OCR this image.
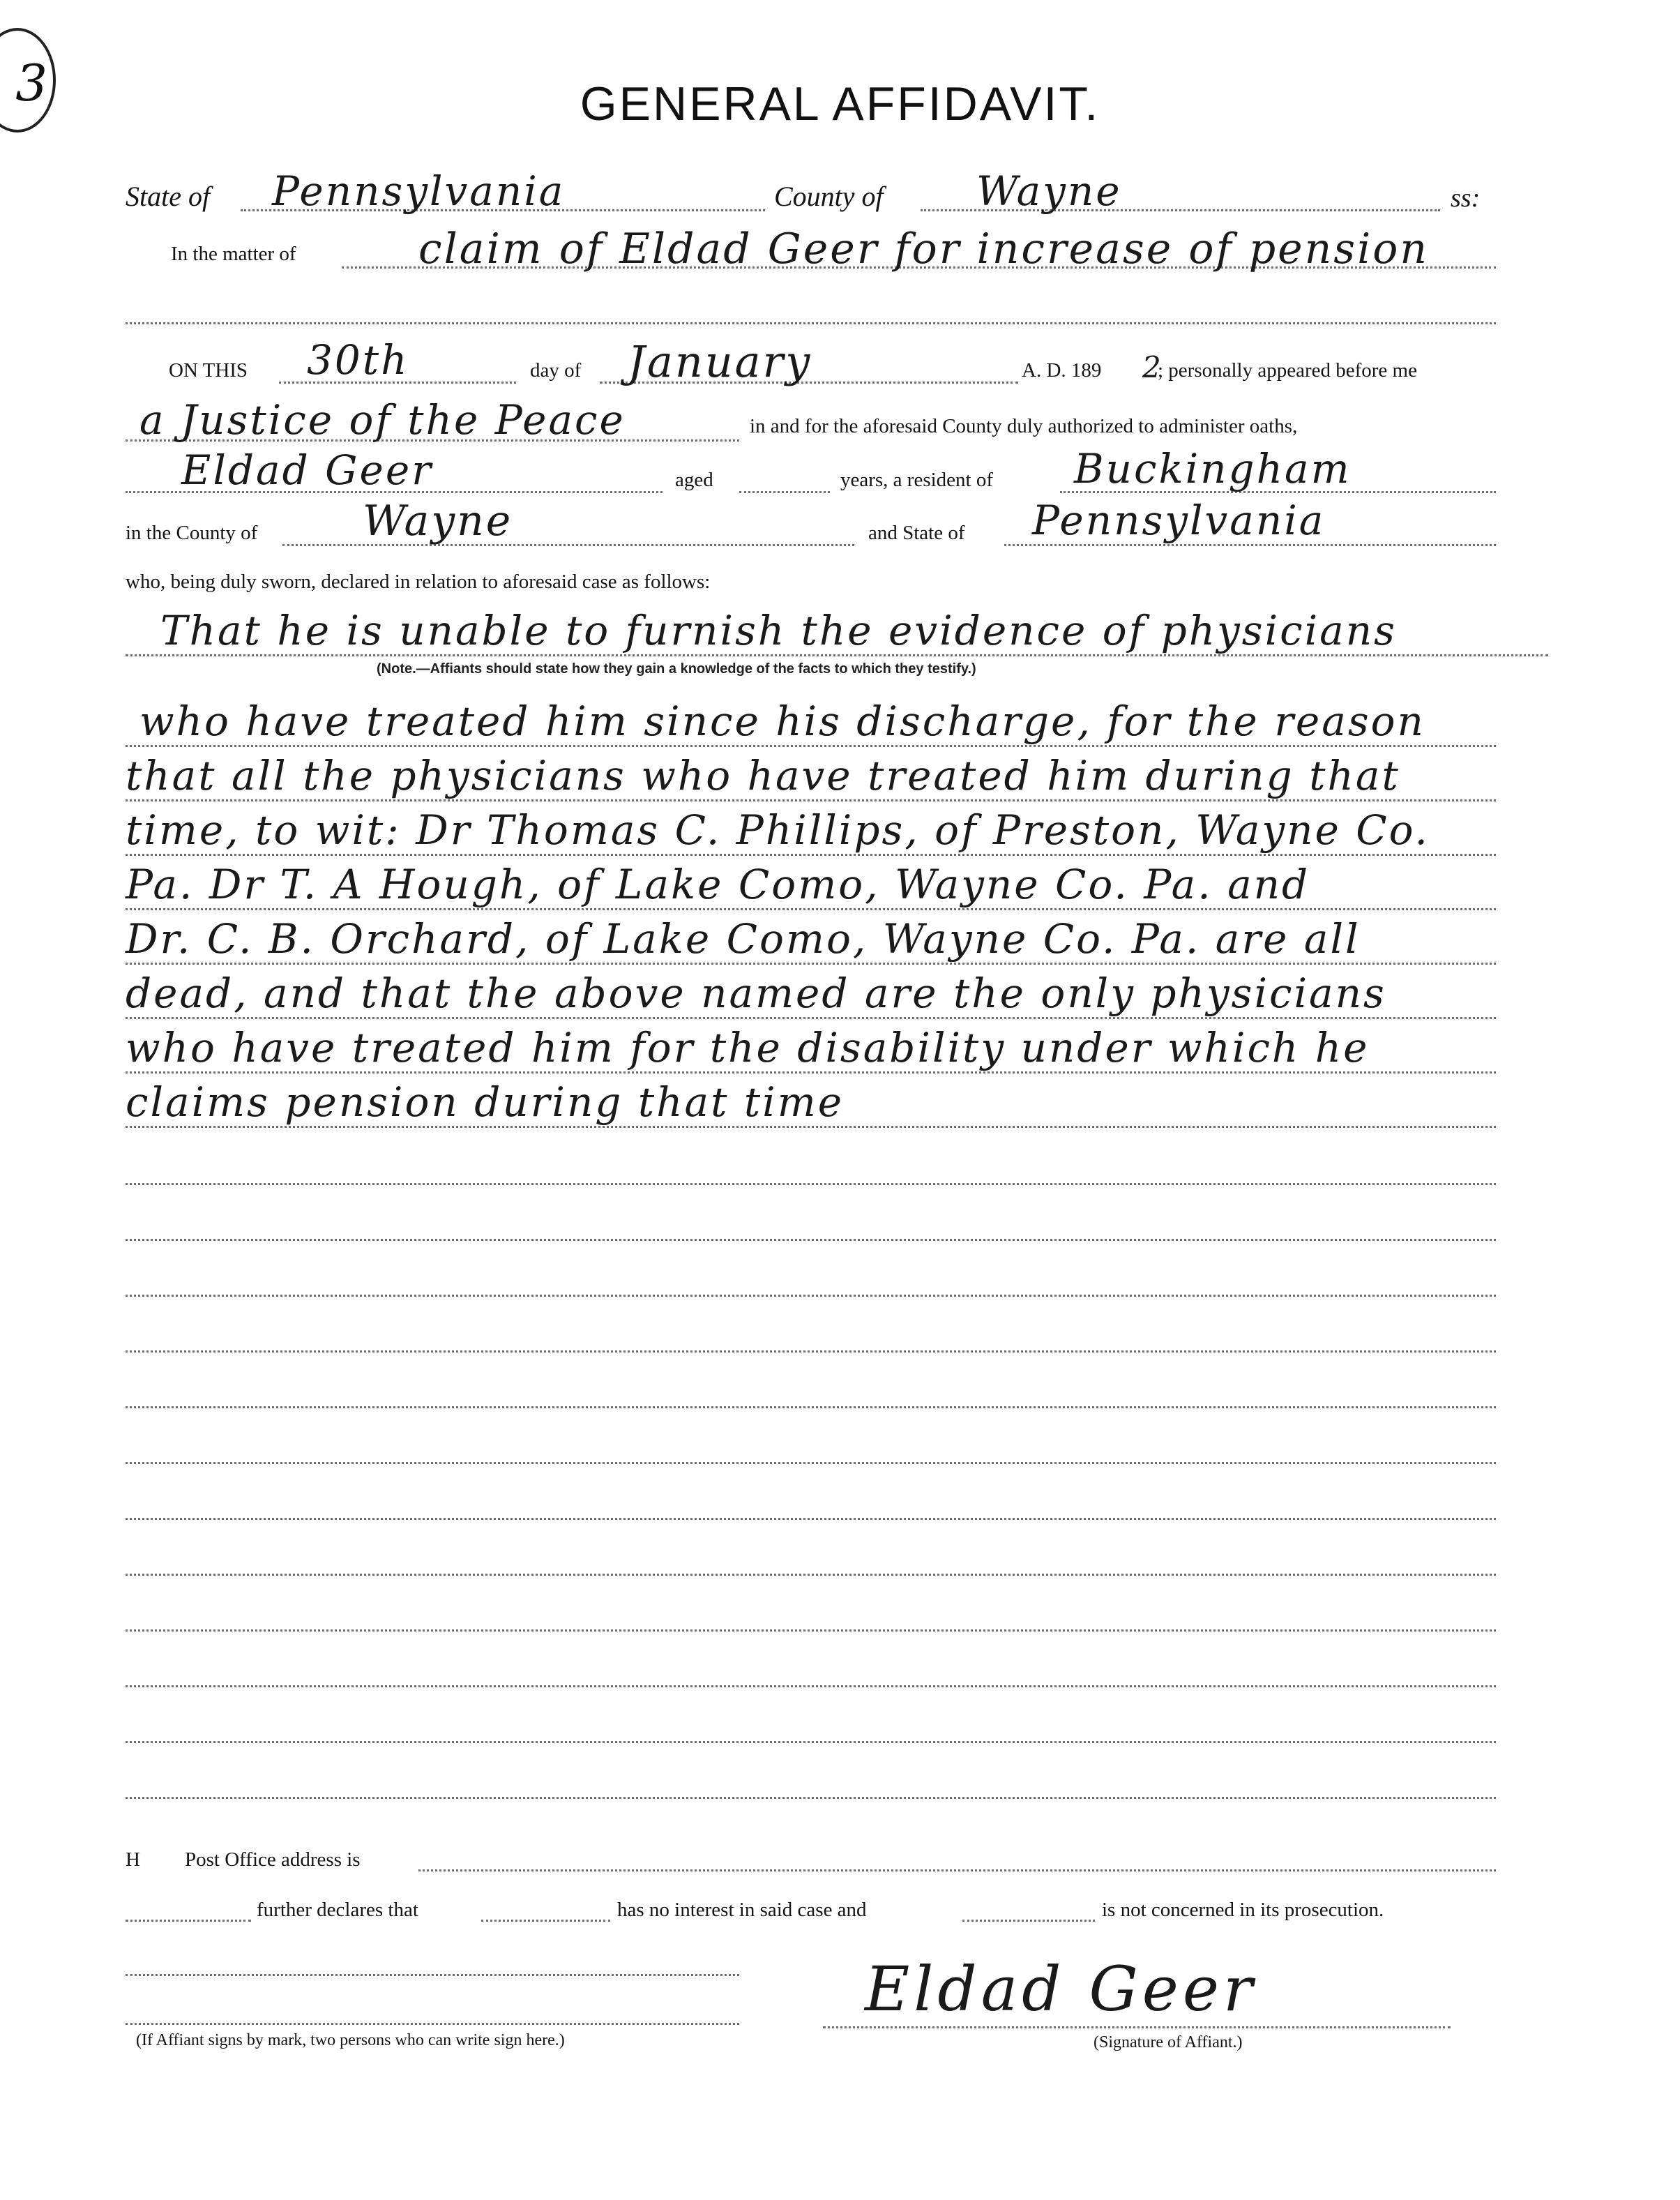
3	GENERAL AFFIDAVIT.
State of Pennsylvania	County of Wayne	ss:
In the matter of	claim of Eldad Geer for increase of pension
ON THIS 30th	day of January	A. D. 189 2
; personally appeared before me
a Justice of the Peace	in and for the aforesaid County duly authorized to administer oaths,
Eldad Geer	aged	years, a resident of Buckingham
in the County of	Wayne	and State of Pennsylvania
who, being duly sworn, declared in relation to aforesaid case as follows:
That he is unable to furnish the evidence of physicians
(Note.—Affiants should state how they gain a knowledge of the facts to which they testify.)
who have treated him since his discharge, for the reason
that all the physicians who have treated him during that
time, to wit: Dr Thomas C. Phillips, of Preston, Wayne Co.
Pa. Dr T. A Hough, of Lake Como, Wayne Co. Pa. and
Dr. C. B. Orchard, of Lake Como, Wayne Co. Pa. are all
dead, and that the above named are the only physicians
who have treated him for the disability under which he
claims pension during that time
H Post Office address is
further declares that	has no interest in said case and	is not concerned in its prosecution.
(If Affiant signs by mark, two persons who can write sign here.)
Eldad Geer
(Signature of Affiant.)
